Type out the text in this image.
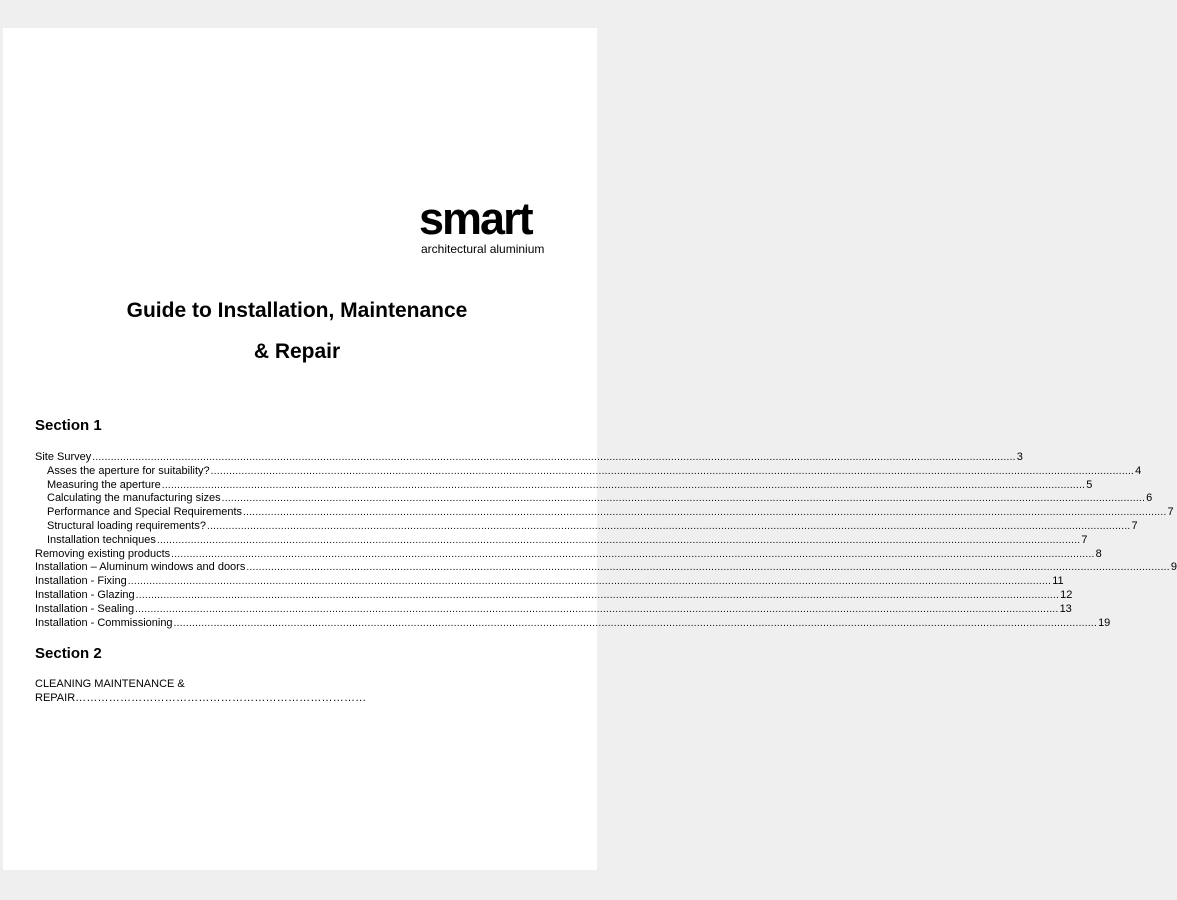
smart
architectural aluminium
Guide to Installation, Maintenance
& Repair
Section 1
Site Survey ............................................................................................................................................................................................................................................................................................................ 3
Asses the aperture for suitability? ............................................................................................................................................................................................................................................................................................................ 4
Measuring the aperture ............................................................................................................................................................................................................................................................................................................ 5
Calculating the manufacturing sizes ............................................................................................................................................................................................................................................................................................................ 6
Performance and Special Requirements ............................................................................................................................................................................................................................................................................................................ 7
Structural loading requirements? ............................................................................................................................................................................................................................................................................................................ 7
Installation techniques ............................................................................................................................................................................................................................................................................................................ 7
Removing existing products ............................................................................................................................................................................................................................................................................................................ 8
Installation – Aluminum windows and doors ............................................................................................................................................................................................................................................................................................................ 9
Installation - Fixing ............................................................................................................................................................................................................................................................................................................ 11
Installation - Glazing ............................................................................................................................................................................................................................................................................................................ 12
Installation - Sealing ............................................................................................................................................................................................................................................................................................................ 13
Installation - Commissioning ............................................................................................................................................................................................................................................................................................................ 19
Section 2
CLEANING MAINTENANCE &
REPAIR……………………………………………………………………
